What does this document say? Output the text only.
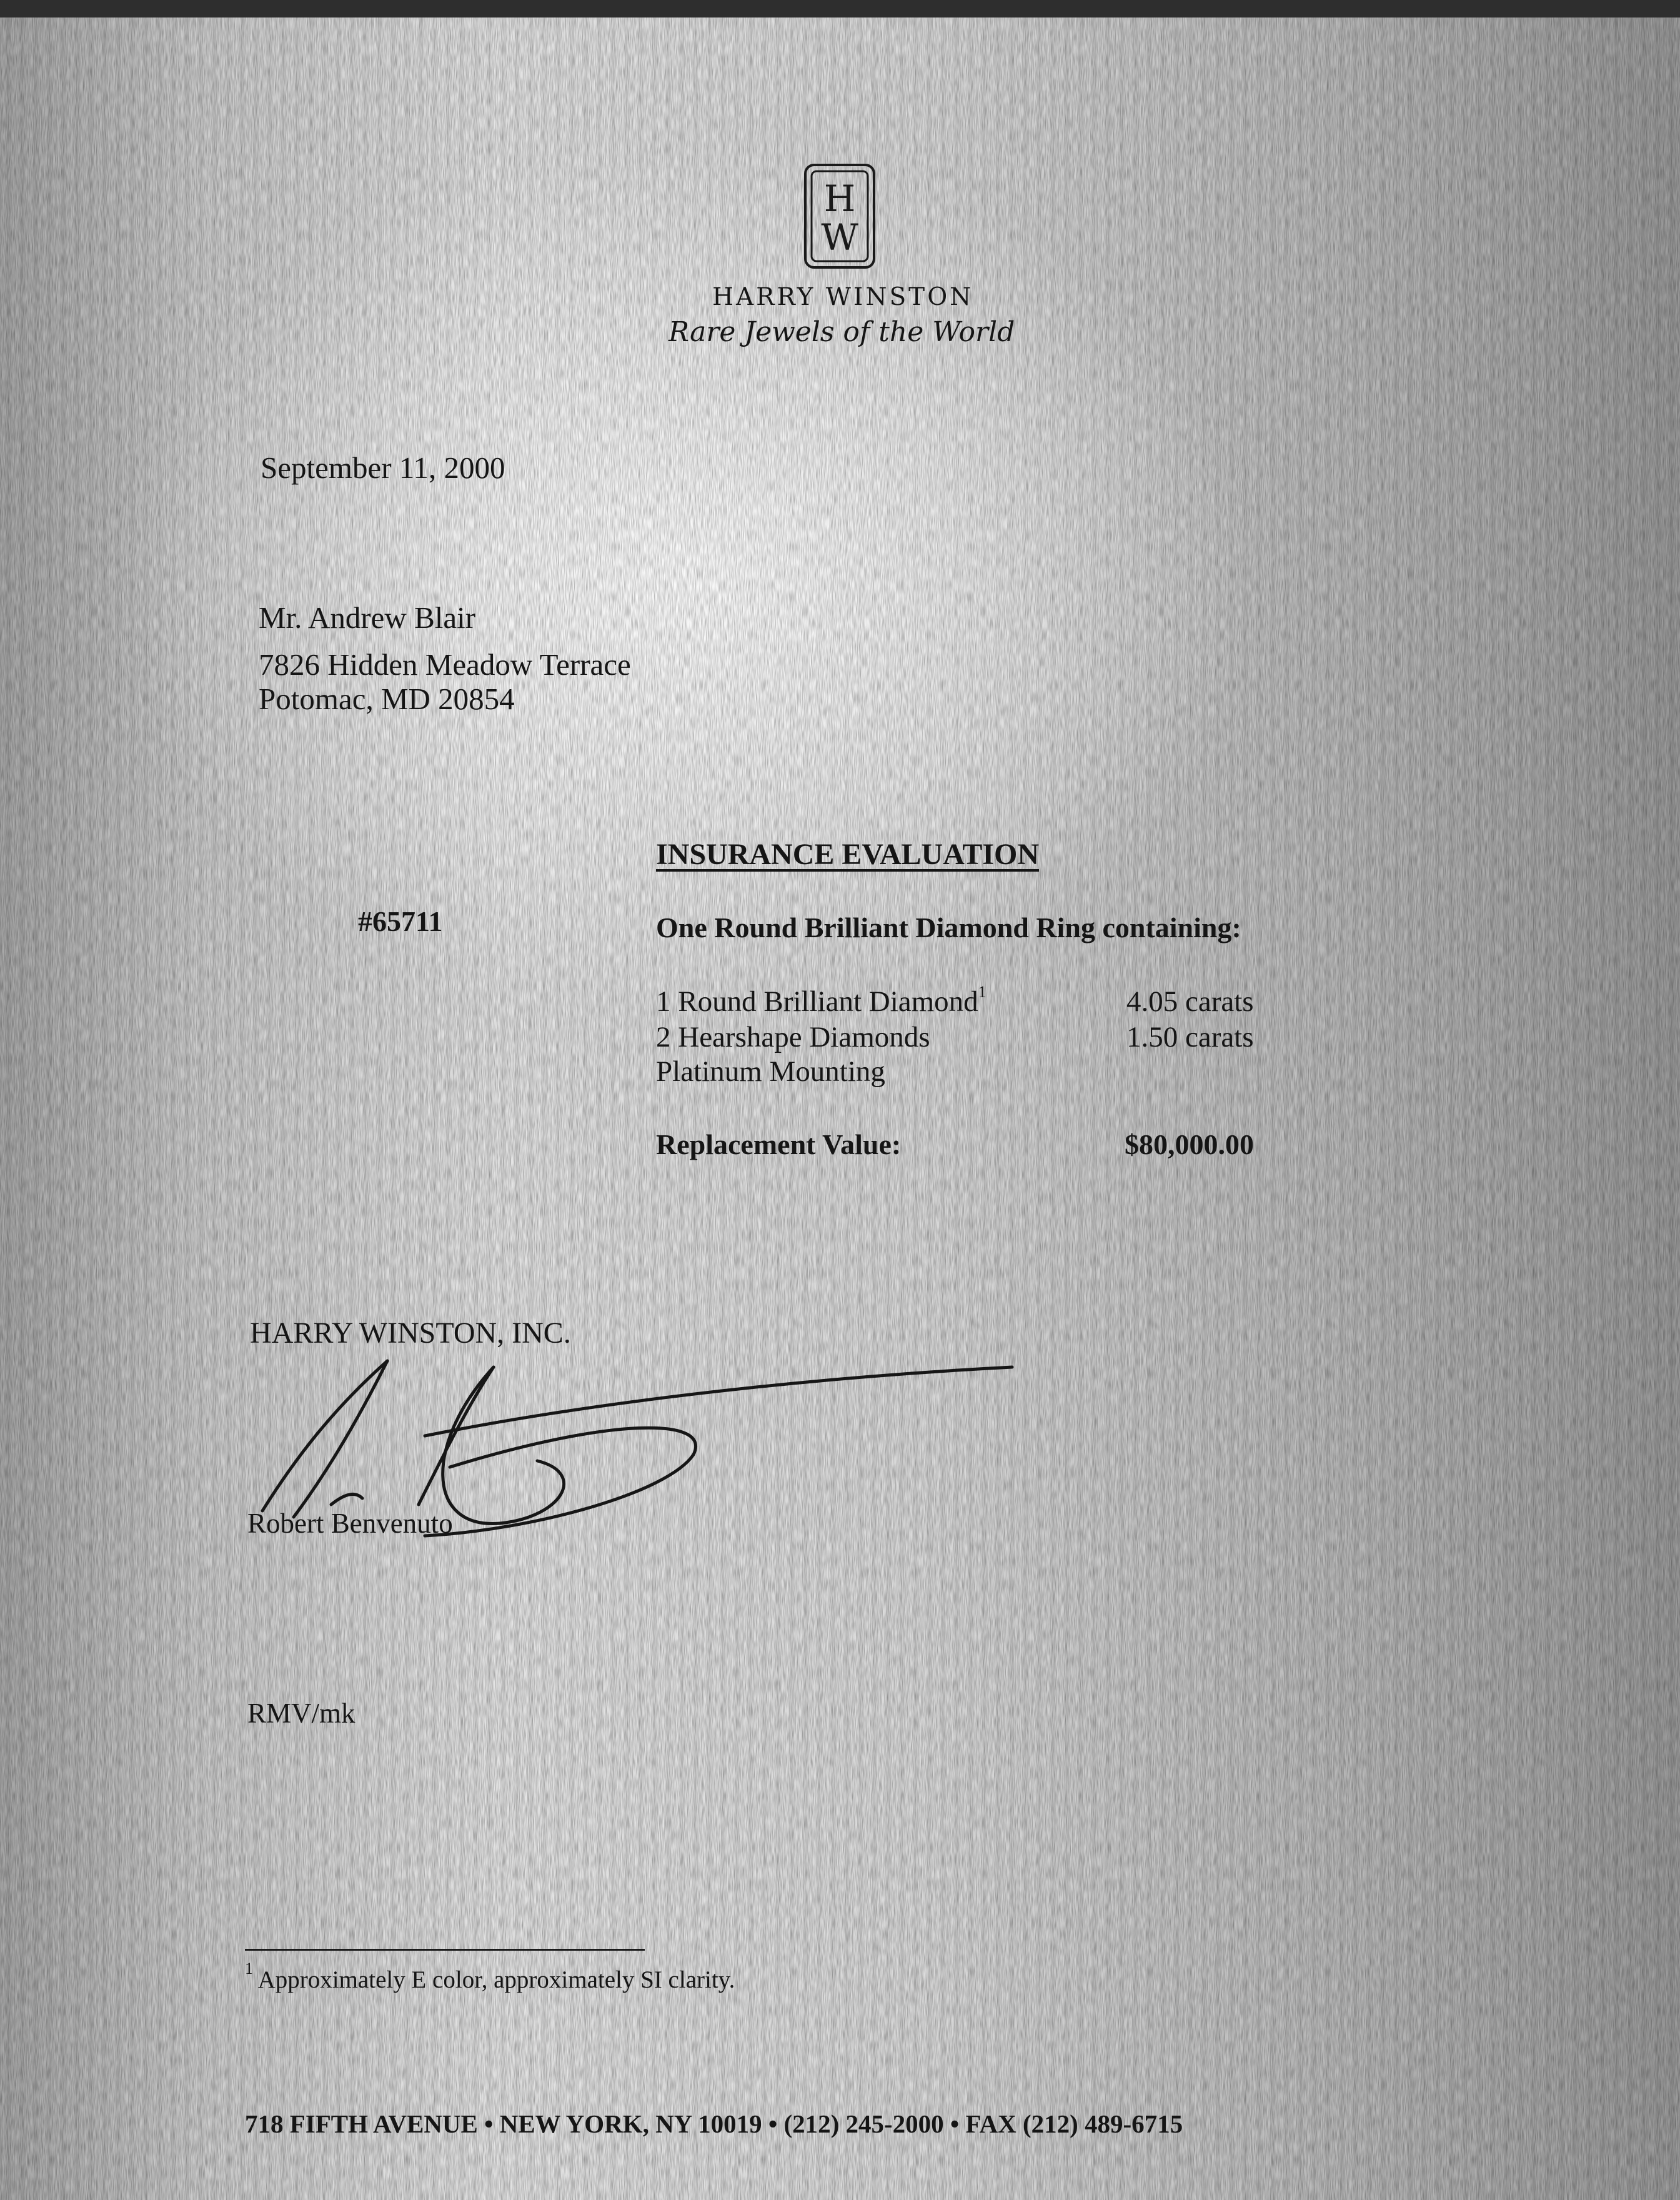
H
W
HARRY WINSTON
Rare Jewels of the World
September 11, 2000
Mr. Andrew Blair
7826 Hidden Meadow Terrace
Potomac, MD 20854
INSURANCE EVALUATION
#65711	One Round Brilliant Diamond Ring containing:
1 Round Brilliant Diamond$^1$	4.05 carats
2 Hearshape Diamonds	1.50 carats
Platinum Mounting
Replacement Value:	$80,000.00
HARRY WINSTON, INC.
Robert Benvenuto
RMV/mk
$^1$ Approximately E color, approximately SI clarity.
718 FIFTH AVENUE • NEW YORK, NY 10019 • (212) 245-2000 • FAX (212) 489-6715
